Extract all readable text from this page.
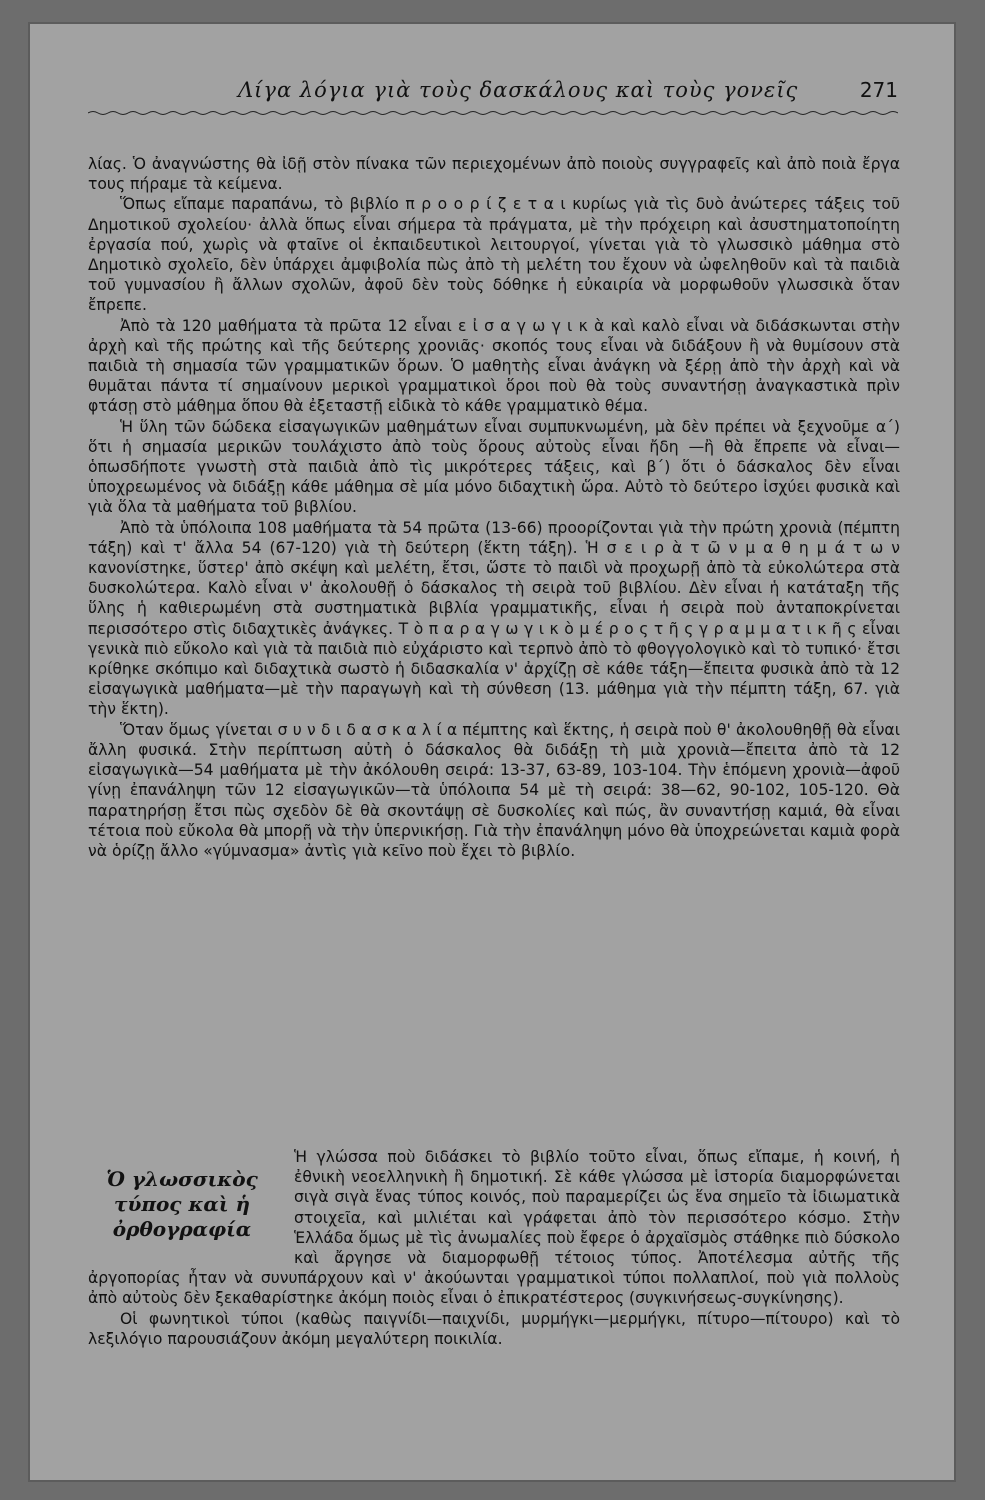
Λίγα λόγια γιὰ τοὺς δασκάλους καὶ τοὺς γονεῖς	271

λίας. Ὁ ἀναγνώστης θὰ ἰδῇ στὸν πίνακα τῶν περιεχομένων ἀπὸ ποιοὺς συγγραφεῖς καὶ ἀπὸ ποιὰ ἔργα τους πήραμε τὰ κείμενα.

Ὅπως εἴπαμε παραπάνω, τὸ βιβλίο π ρ ο ο ρ ί ζ ε τ α ι κυρίως γιὰ τὶς δυὸ ἀνώτερες τάξεις τοῦ Δημοτικοῦ σχολείου· ἀλλὰ ὅπως εἶναι σήμερα τὰ πράγματα, μὲ τὴν πρόχειρη καὶ ἀσυστηματοποίητη ἐργασία πού, χωρὶς νὰ φταῖνε οἱ ἐκπαιδευτικοὶ λειτουργοί, γίνεται γιὰ τὸ γλωσσικὸ μάθημα στὸ Δημοτικὸ σχολεῖο, δὲν ὑπάρχει ἀμφιβολία πὼς ἀπὸ τὴ μελέτη του ἔχουν νὰ ὠφεληθοῦν καὶ τὰ παιδιὰ τοῦ γυμνασίου ἢ ἄλλων σχολῶν, ἀφοῦ δὲν τοὺς δόθηκε ἡ εὐκαιρία νὰ μορφωθοῦν γλωσσικὰ ὅταν ἔπρεπε.

Ἀπὸ τὰ 120 μαθήματα τὰ πρῶτα 12 εἶναι ε ἰ σ α γ ω γ ι κ ὰ καὶ καλὸ εἶναι νὰ διδάσκωνται στὴν ἀρχὴ καὶ τῆς πρώτης καὶ τῆς δεύτερης χρονιᾶς· σκοπός τους εἶναι νὰ διδάξουν ἢ νὰ θυμίσουν στὰ παιδιὰ τὴ σημασία τῶν γραμματικῶν ὅρων. Ὁ μαθητὴς εἶναι ἀνάγκη νὰ ξέρῃ ἀπὸ τὴν ἀρχὴ καὶ νὰ θυμᾶται πάντα τί σημαίνουν μερικοὶ γραμματικοὶ ὅροι ποὺ θὰ τοὺς συναντήσῃ ἀναγκαστικὰ πρὶν φτάσῃ στὸ μάθημα ὅπου θὰ ἐξεταστῇ εἰδικὰ τὸ κάθε γραμματικὸ θέμα.

Ἡ ὕλη τῶν δώδεκα εἰσαγωγικῶν μαθημάτων εἶναι συμπυκνωμένη, μὰ δὲν πρέπει νὰ ξεχνοῦμε α΄) ὅτι ἡ σημασία μερικῶν τουλάχιστο ἀπὸ τοὺς ὅρους αὐτοὺς εἶναι ἤδη —ἢ θὰ ἔπρεπε νὰ εἶναι— ὁπωσδήποτε γνωστὴ στὰ παιδιὰ ἀπὸ τὶς μικρότερες τάξεις, καὶ β΄) ὅτι ὁ δάσκαλος δὲν εἶναι ὑποχρεωμένος νὰ διδάξῃ κάθε μάθημα σὲ μία μόνο διδαχτικὴ ὥρα. Αὐτὸ τὸ δεύτερο ἰσχύει φυσικὰ καὶ γιὰ ὅλα τὰ μαθήματα τοῦ βιβλίου.

Ἀπὸ τὰ ὑπόλοιπα 108 μαθήματα τὰ 54 πρῶτα (13-66) προορίζονται γιὰ τὴν πρώτη χρονιὰ (πέμπτη τάξη) καὶ τ' ἄλλα 54 (67-120) γιὰ τὴ δεύτερη (ἕκτη τάξη). Ἡ σ ε ι ρ ὰ τ ῶ ν μ α θ η μ ά τ ω ν κανονίστηκε, ὕστερ' ἀπὸ σκέψη καὶ μελέτη, ἔτσι, ὥστε τὸ παιδὶ νὰ προχωρῇ ἀπὸ τὰ εὐκολώτερα στὰ δυσκολώτερα. Καλὸ εἶναι ν' ἀκολουθῇ ὁ δάσκαλος τὴ σειρὰ τοῦ βιβλίου. Δὲν εἶναι ἡ κατάταξη τῆς ὕλης ἡ καθιερωμένη στὰ συστηματικὰ βιβλία γραμματικῆς, εἶναι ἡ σειρὰ ποὺ ἀνταποκρίνεται περισσότερο στὶς διδαχτικὲς ἀνάγκες. Τ ὸ π α ρ α γ ω γ ι κ ὸ μ έ ρ ο ς τ ῆ ς γ ρ α μ μ α τ ι κ ῆ ς εἶναι γενικὰ πιὸ εὔκολο καὶ γιὰ τὰ παιδιὰ πιὸ εὐχάριστο καὶ τερπνὸ ἀπὸ τὸ φθογγολογικὸ καὶ τὸ τυπικό· ἔτσι κρίθηκε σκόπιμο καὶ διδαχτικὰ σωστὸ ἡ διδασκαλία ν' ἀρχίζῃ σὲ κάθε τάξη—ἔπειτα φυσικὰ ἀπὸ τὰ 12 εἰσαγωγικὰ μαθήματα—μὲ τὴν παραγωγὴ καὶ τὴ σύνθεση (13. μάθημα γιὰ τὴν πέμπτη τάξη, 67. γιὰ τὴν ἕκτη).

Ὅταν ὅμως γίνεται σ υ ν δ ι δ α σ κ α λ ί α πέμπτης καὶ ἕκτης, ἡ σειρὰ ποὺ θ' ἀκολουθηθῇ θὰ εἶναι ἄλλη φυσικά. Στὴν περίπτωση αὐτὴ ὁ δάσκαλος θὰ διδάξῃ τὴ μιὰ χρονιὰ—ἔπειτα ἀπὸ τὰ 12 εἰσαγωγικὰ—54 μαθήματα μὲ τὴν ἀκόλουθη σειρά: 13-37, 63-89, 103-104. Τὴν ἑπόμενη χρονιὰ—ἀφοῦ γίνῃ ἐπανάληψη τῶν 12 εἰσαγωγικῶν—τὰ ὑπόλοιπα 54 μὲ τὴ σειρά: 38—62, 90-102, 105-120. Θὰ παρατηρήσῃ ἔτσι πὼς σχεδὸν δὲ θὰ σκοντάψῃ σὲ δυσκολίες καὶ πώς, ἂν συναντήσῃ καμιά, θὰ εἶναι τέτοια ποὺ εὔκολα θὰ μπορῇ νὰ τὴν ὑπερνικήσῃ. Γιὰ τὴν ἐπανάληψη μόνο θὰ ὑποχρεώνεται καμιὰ φορὰ νὰ ὁρίζῃ ἄλλο «γύμνασμα» ἀντὶς γιὰ κεῖνο ποὺ ἔχει τὸ βιβλίο.

Ὁ γλωσσικὸς
τύπος καὶ ἡ
ὀρθογραφία

Ἡ γλώσσα ποὺ διδάσκει τὸ βιβλίο τοῦτο εἶναι, ὅπως εἴπαμε, ἡ κοινή, ἡ ἐθνικὴ νεοελληνικὴ ἢ δημοτική. Σὲ κάθε γλώσσα μὲ ἱστορία διαμορφώνεται σιγὰ σιγὰ ἕνας τύπος κοινός, ποὺ παραμερίζει ὡς ἕνα σημεῖο τὰ ἰδιωματικὰ στοιχεῖα, καὶ μιλιέται καὶ γράφεται ἀπὸ τὸν περισσότερο κόσμο. Στὴν Ἑλλάδα ὅμως μὲ τὶς ἀνωμαλίες ποὺ ἔφερε ὁ ἀρχαϊσμὸς στάθηκε πιὸ δύσκολο καὶ ἄργησε νὰ διαμορφωθῇ τέτοιος τύπος. Ἀποτέλεσμα αὐτῆς τῆς ἀργοπορίας ἦταν νὰ συνυπάρχουν καὶ ν' ἀκούωνται γραμματικοὶ τύποι πολλαπλοί, ποὺ γιὰ πολλοὺς ἀπὸ αὐτοὺς δὲν ξεκαθαρίστηκε ἀκόμη ποιὸς εἶναι ὁ ἐπικρατέστερος (συγκινήσεως-συγκίνησης).

Οἱ φωνητικοὶ τύποι (καθὼς παιγνίδι—παιχνίδι, μυρμήγκι—μερμήγκι, πίτυρο—πίτουρο) καὶ τὸ λεξιλόγιο παρουσιάζουν ἀκόμη μεγαλύτερη ποικιλία.
